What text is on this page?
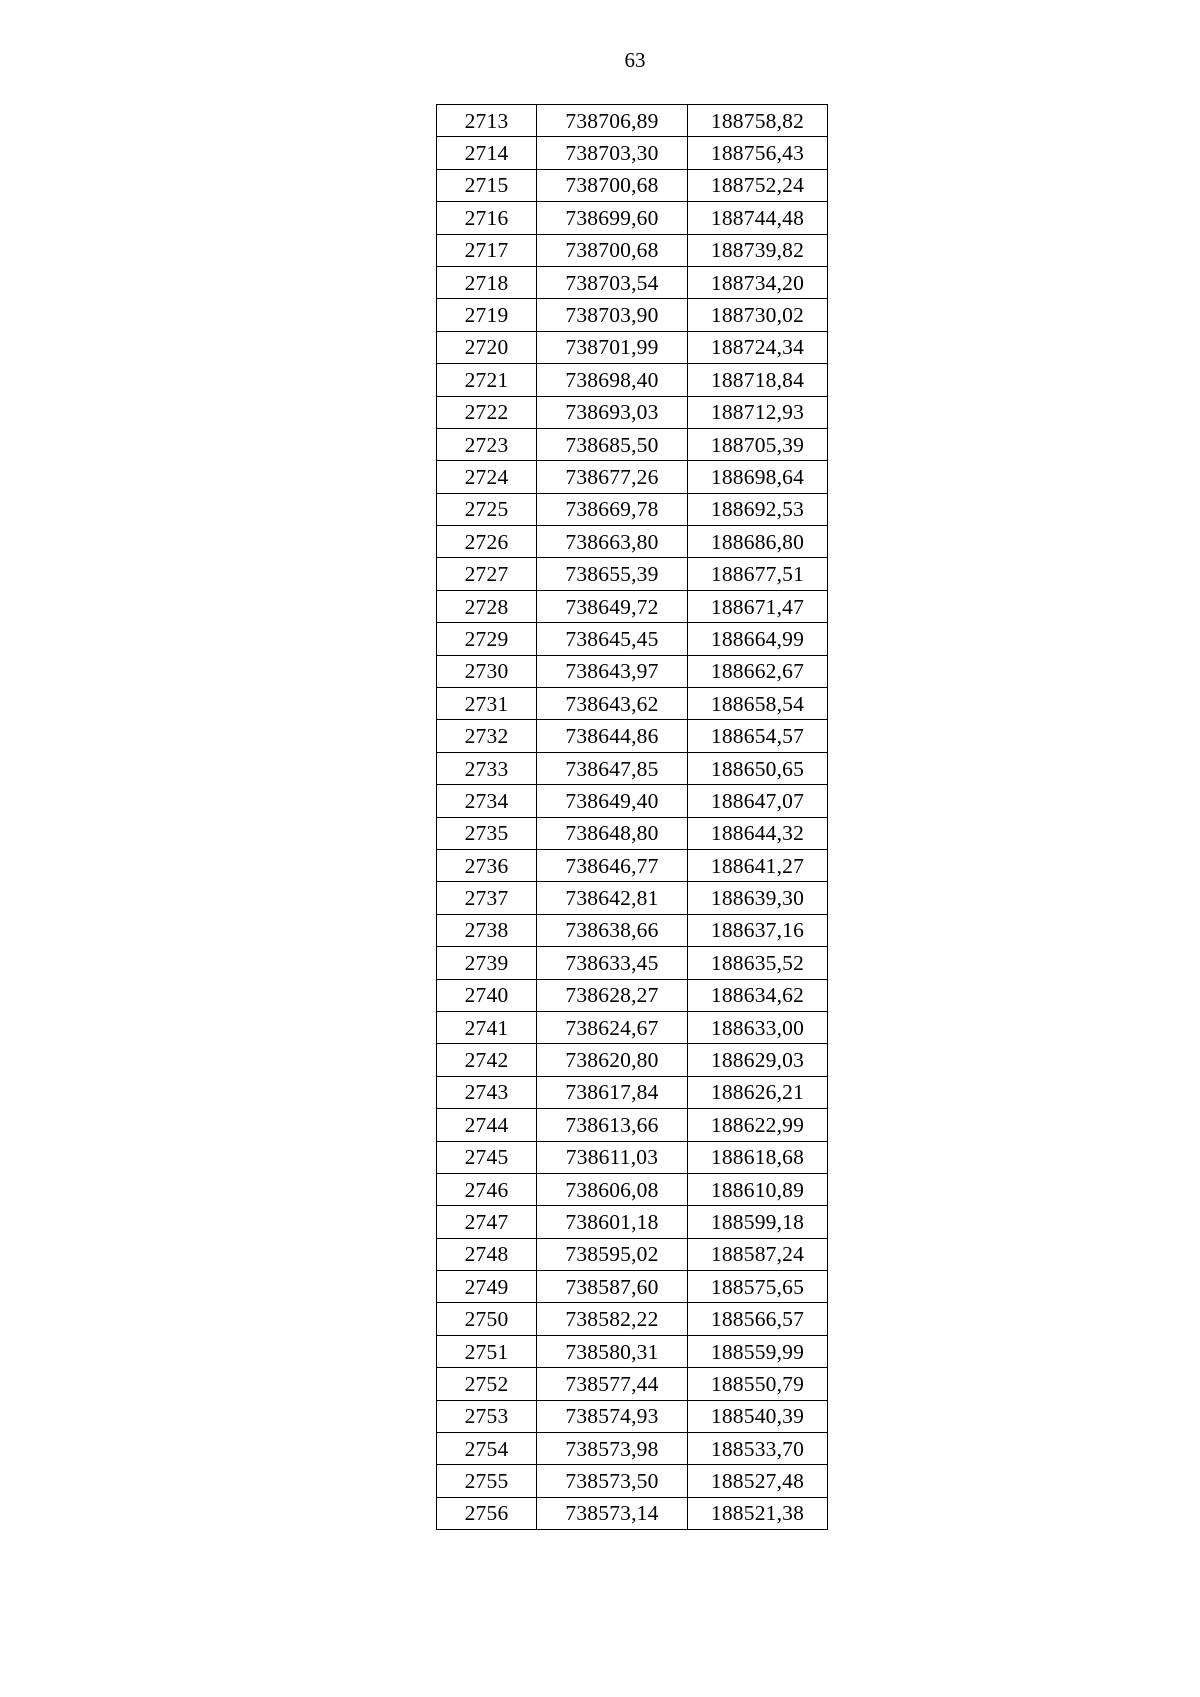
63
2713	738706,89	188758,82
2714	738703,30	188756,43
2715	738700,68	188752,24
2716	738699,60	188744,48
2717	738700,68	188739,82
2718	738703,54	188734,20
2719	738703,90	188730,02
2720	738701,99	188724,34
2721	738698,40	188718,84
2722	738693,03	188712,93
2723	738685,50	188705,39
2724	738677,26	188698,64
2725	738669,78	188692,53
2726	738663,80	188686,80
2727	738655,39	188677,51
2728	738649,72	188671,47
2729	738645,45	188664,99
2730	738643,97	188662,67
2731	738643,62	188658,54
2732	738644,86	188654,57
2733	738647,85	188650,65
2734	738649,40	188647,07
2735	738648,80	188644,32
2736	738646,77	188641,27
2737	738642,81	188639,30
2738	738638,66	188637,16
2739	738633,45	188635,52
2740	738628,27	188634,62
2741	738624,67	188633,00
2742	738620,80	188629,03
2743	738617,84	188626,21
2744	738613,66	188622,99
2745	738611,03	188618,68
2746	738606,08	188610,89
2747	738601,18	188599,18
2748	738595,02	188587,24
2749	738587,60	188575,65
2750	738582,22	188566,57
2751	738580,31	188559,99
2752	738577,44	188550,79
2753	738574,93	188540,39
2754	738573,98	188533,70
2755	738573,50	188527,48
2756	738573,14	188521,38
